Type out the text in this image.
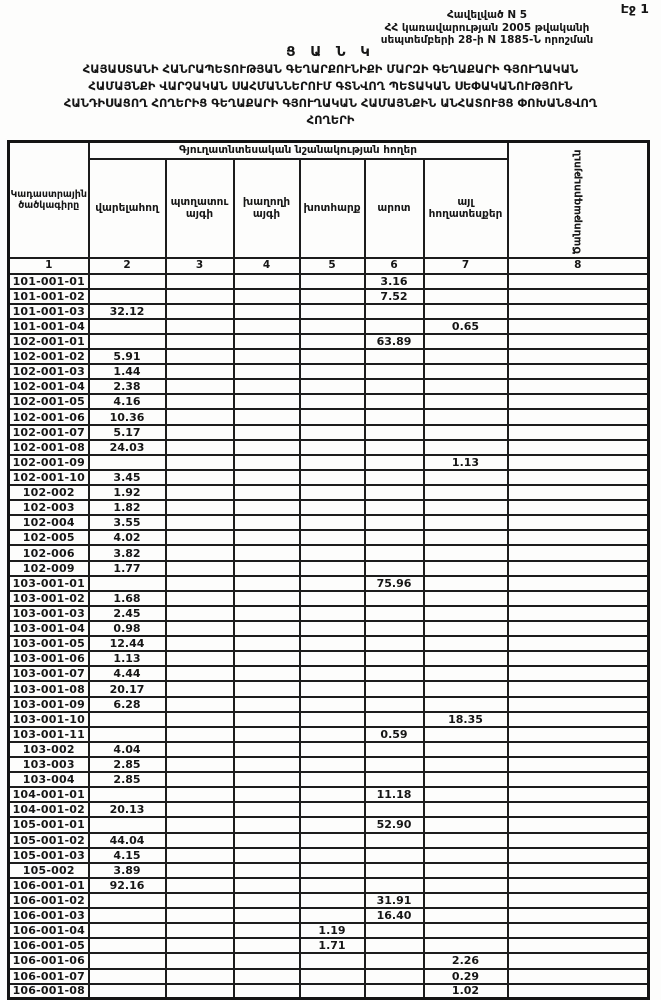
Էջ 1
Հավելված N 5
ՀՀ կառավարության 2005 թվականի
սեպտեմբերի 28-ի N 1885-Ն որոշման
Ց Ա Ն Կ
ՀԱՅԱՍՏԱՆԻ ՀԱՆՐԱՊԵՏՈՒԹՅԱՆ ԳԵՂԱՐՔՈՒՆԻՔԻ ՄԱՐԶԻ ԳԵՂԱՔԱՐԻ ԳՅՈՒՂԱԿԱՆ
ՀԱՄԱՅՆՔԻ ՎԱՐՉԱԿԱՆ ՍԱՀՄԱՆՆԵՐՈՒՄ ԳՏՆՎՈՂ ՊԵՏԱԿԱՆ ՍԵՓԱԿԱՆՈՒԹՅՈՒՆ
ՀԱՆԴԻՍԱՑՈՂ ՀՈՂԵՐԻՑ ԳԵՂԱՔԱՐԻ ԳՅՈՒՂԱԿԱՆ ՀԱՄԱՅՆՔԻՆ ԱՆՀԱՏՈՒՅՑ ՓՈԽԱՆՑՎՈՂ
ՀՈՂԵՐԻ
Կադաստրային ծածկագիրը	Գյուղատնտեսական նշանակության հողեր						Ծանոթագրություն
	վարելահող	պտղատու այգի	խաղողի այգի	խոտհարք	արոտ	այլ հողատեսքեր	
1	2	3	4	5	6	7	8
101-001-01					3.16		
101-001-02					7.52		
101-001-03	32.12						
101-001-04						0.65	
102-001-01					63.89		
102-001-02	5.91						
102-001-03	1.44						
102-001-04	2.38						
102-001-05	4.16						
102-001-06	10.36						
102-001-07	5.17						
102-001-08	24.03						
102-001-09						1.13	
102-001-10	3.45						
102-002	1.92						
102-003	1.82						
102-004	3.55						
102-005	4.02						
102-006	3.82						
102-009	1.77						
103-001-01					75.96		
103-001-02	1.68						
103-001-03	2.45						
103-001-04	0.98						
103-001-05	12.44						
103-001-06	1.13						
103-001-07	4.44						
103-001-08	20.17						
103-001-09	6.28						
103-001-10						18.35	
103-001-11					0.59		
103-002	4.04						
103-003	2.85						
103-004	2.85						
104-001-01					11.18		
104-001-02	20.13						
105-001-01					52.90		
105-001-02	44.04						
105-001-03	4.15						
105-002	3.89						
106-001-01	92.16						
106-001-02					31.91		
106-001-03					16.40		
106-001-04				1.19			
106-001-05				1.71			
106-001-06						2.26	
106-001-07						0.29	
106-001-08						1.02	
